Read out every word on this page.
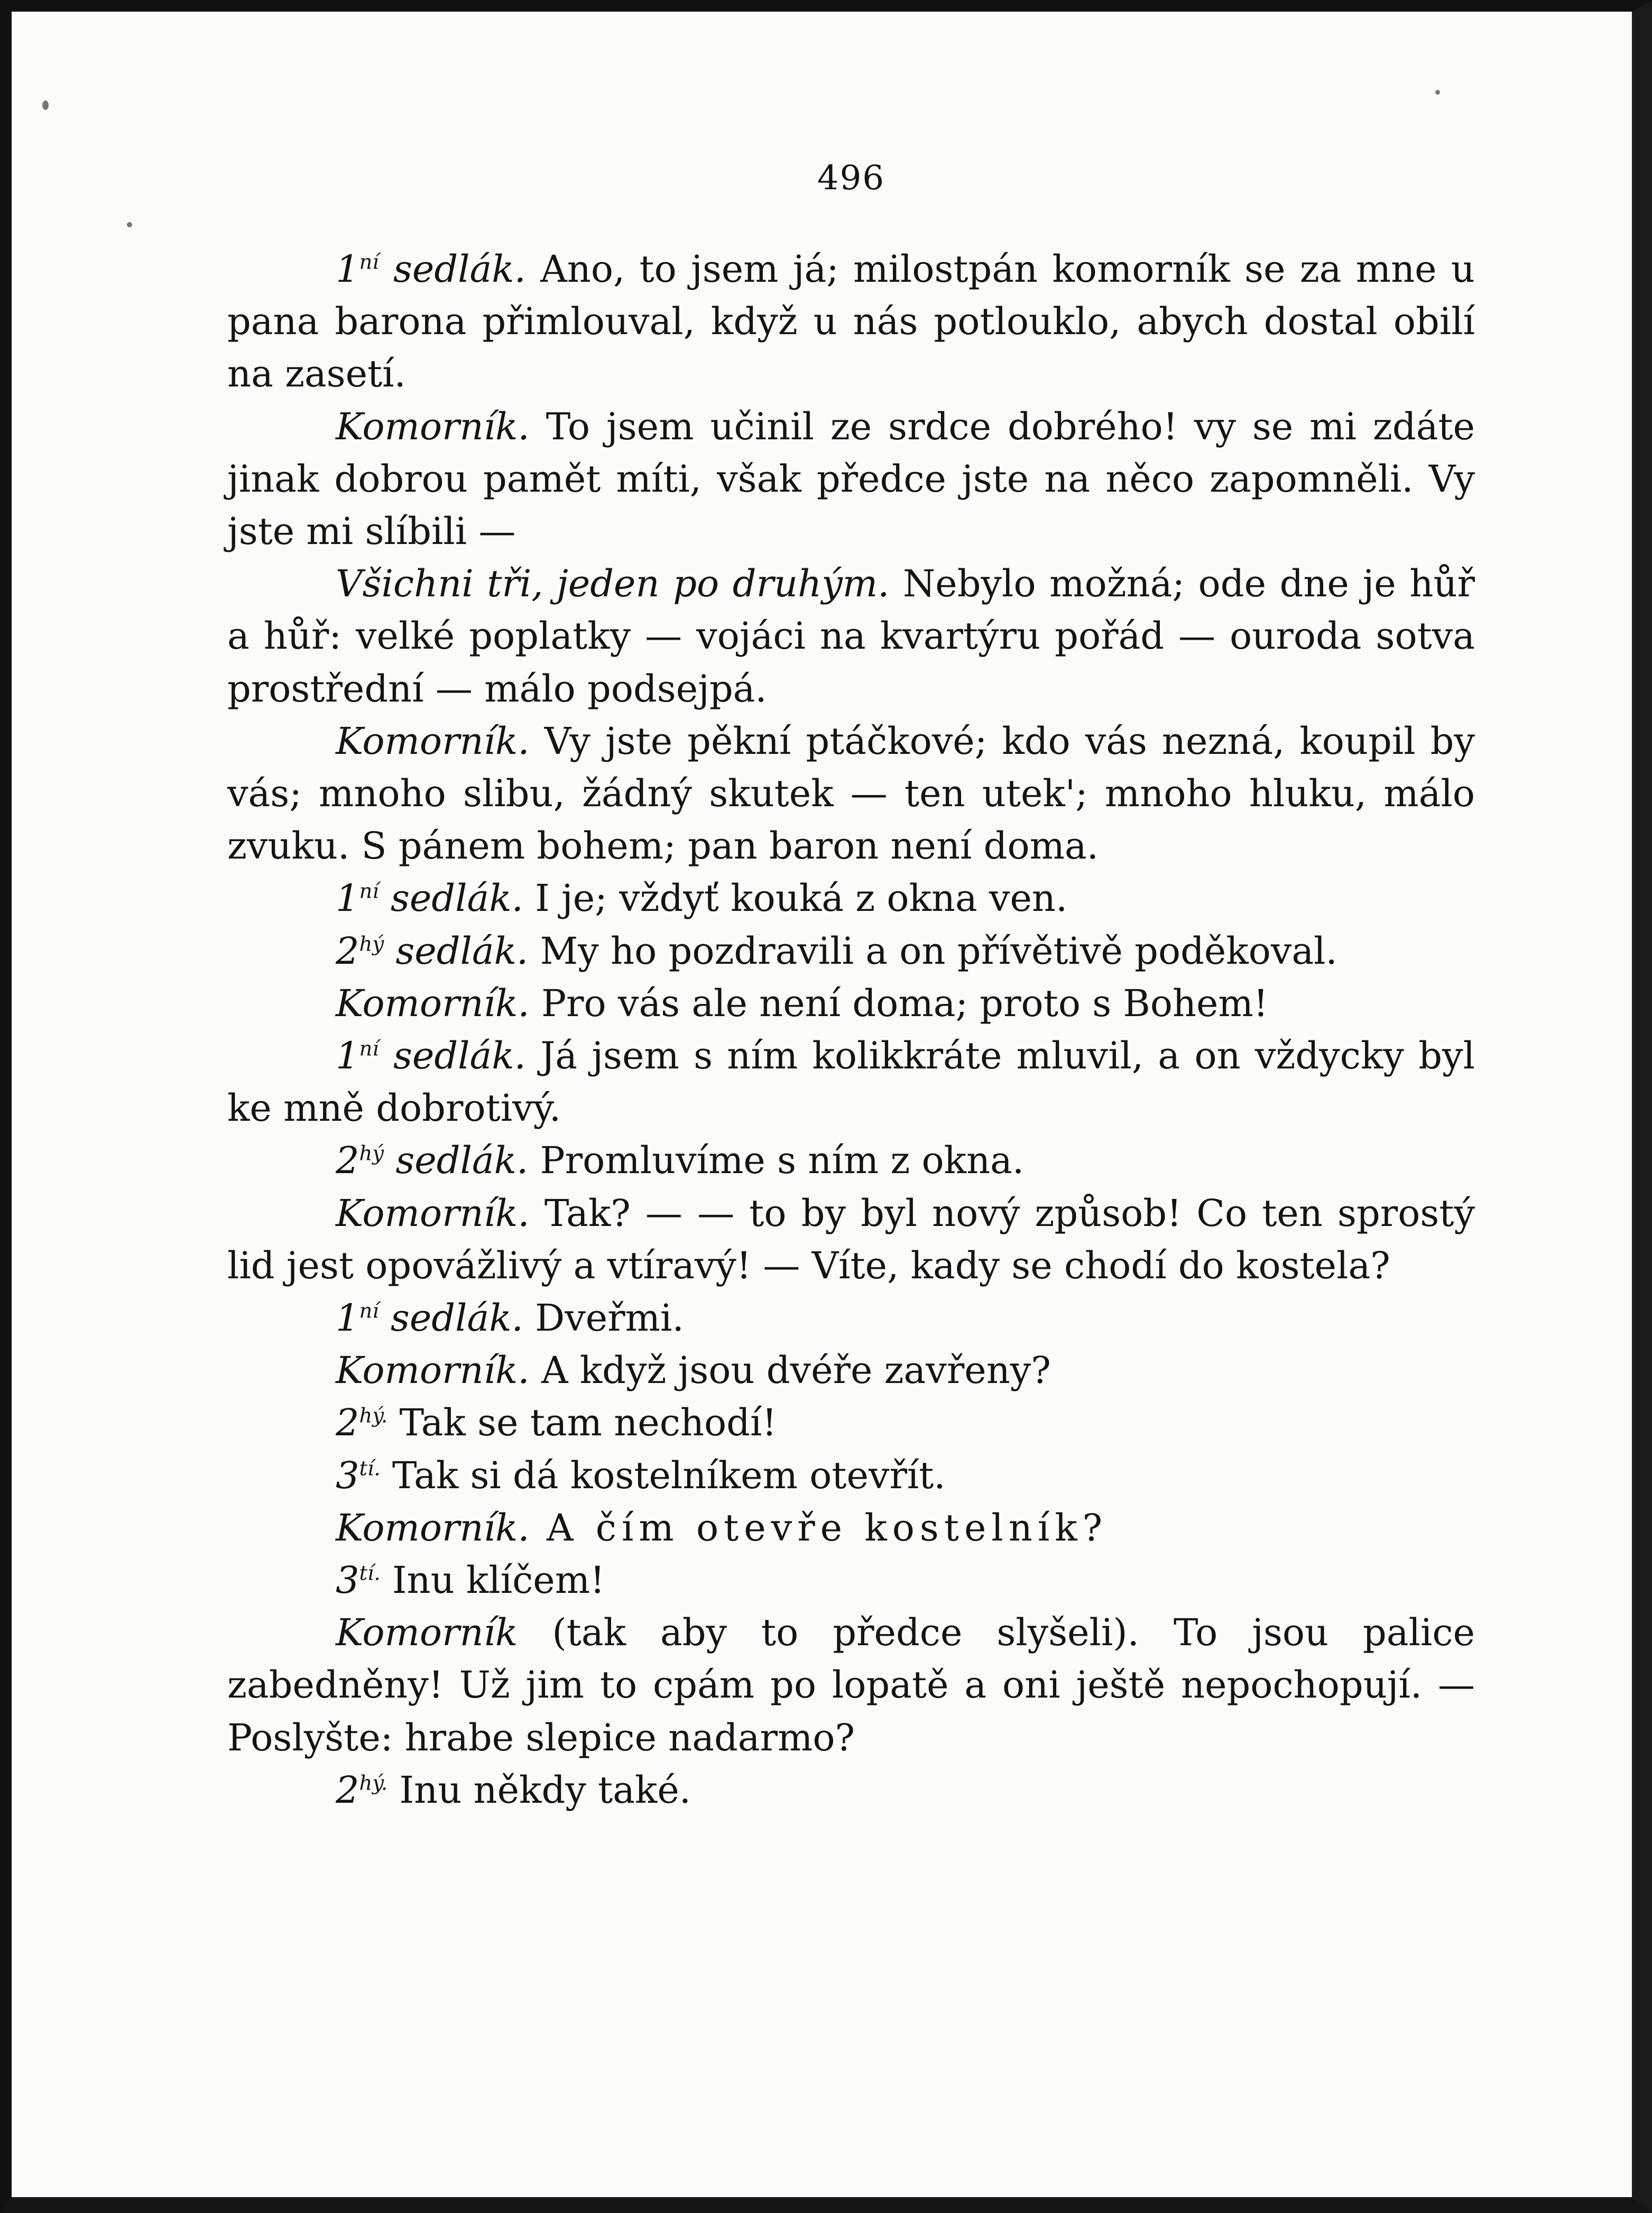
496

$1^{ní}$ sedlák. Ano, to jsem já; milostpán komorník se za mne u pana barona přimlouval, když u nás potlouklo, abych dostal obilí na zasetí.

Komorník. To jsem učinil ze srdce dobrého! vy se mi zdáte jinak dobrou pamět míti, však předce jste na něco zapomněli. Vy jste mi slíbili —

Všichni tři, jeden po druhým. Nebylo možná; ode dne je hůř a hůř: velké poplatky — vojáci na kvartýru pořád — ouroda sotva prostřední — málo podsejpá.

Komorník. Vy jste pěkní ptáčkové; kdo vás nezná, koupil by vás; mnoho slibu, žádný skutek — ten utek'; mnoho hluku, málo zvuku. S pánem bohem; pan baron není doma.

$1^{ní}$ sedlák. I je; vždyť kouká z okna ven.

$2^{hý}$ sedlák. My ho pozdravili a on přívětivě poděkoval.

Komorník. Pro vás ale není doma; proto s Bohem!

$1^{ní}$ sedlák. Já jsem s ním kolikkráte mluvil, a on vždycky byl ke mně dobrotivý.

$2^{hý}$ sedlák. Promluvíme s ním z okna.

Komorník. Tak? — — to by byl nový způsob! Co ten sprostý lid jest opovážlivý a vtíravý! — Víte, kady se chodí do kostela?

$1^{ní}$ sedlák. Dveřmi.

Komorník. A když jsou dvéře zavřeny?

$2^{hý.}$ Tak se tam nechodí!

$3^{tí.}$ Tak si dá kostelníkem otevřít.

Komorník. A čím otevře kostelník?

$3^{tí.}$ Inu klíčem!

Komorník (tak aby to předce slyšeli). To jsou palice zabedněny! Už jim to cpám po lopatě a oni ještě nepochopují. — Poslyšte: hrabe slepice nadarmo?

$2^{hý.}$ Inu někdy také.
